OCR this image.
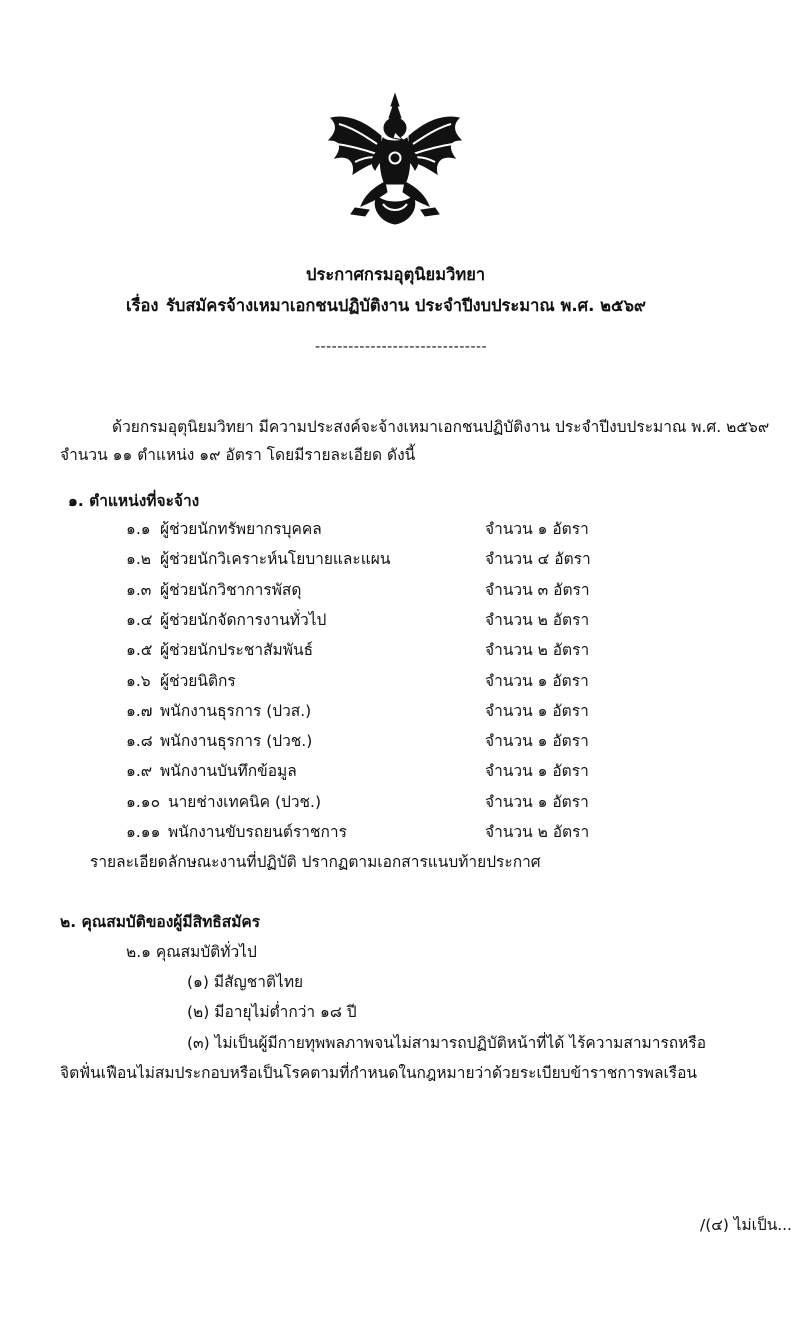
ประกาศกรมอุตุนิยมวิทยา
เรื่อง รับสมัครจ้างเหมาเอกชนปฏิบัติงาน ประจำปีงบประมาณ พ.ศ. ๒๕๖๙
-------------------------------
ด้วยกรมอุตุนิยมวิทยา มีความประสงค์จะจ้างเหมาเอกชนปฏิบัติงาน ประจำปีงบประมาณ พ.ศ. ๒๕๖๙
จำนวน ๑๑ ตำแหน่ง ๑๙ อัตรา โดยมีรายละเอียด ดังนี้
๑. ตำแหน่งที่จะจ้าง
๑.๑ ผู้ช่วยนักทรัพยากรบุคคล	จำนวน ๑ อัตรา
๑.๒ ผู้ช่วยนักวิเคราะห์นโยบายและแผน	จำนวน ๔ อัตรา
๑.๓ ผู้ช่วยนักวิชาการพัสดุ	จำนวน ๓ อัตรา
๑.๔ ผู้ช่วยนักจัดการงานทั่วไป	จำนวน ๒ อัตรา
๑.๕ ผู้ช่วยนักประชาสัมพันธ์	จำนวน ๒ อัตรา
๑.๖ ผู้ช่วยนิติกร	จำนวน ๑ อัตรา
๑.๗ พนักงานธุรการ (ปวส.)	จำนวน ๑ อัตรา
๑.๘ พนักงานธุรการ (ปวช.)	จำนวน ๑ อัตรา
๑.๙ พนักงานบันทึกข้อมูล	จำนวน ๑ อัตรา
๑.๑๐ นายช่างเทคนิค (ปวช.)	จำนวน ๑ อัตรา
๑.๑๑ พนักงานขับรถยนต์ราชการ	จำนวน ๒ อัตรา
รายละเอียดลักษณะงานที่ปฏิบัติ ปรากฏตามเอกสารแนบท้ายประกาศ
๒. คุณสมบัติของผู้มีสิทธิสมัคร
๒.๑ คุณสมบัติทั่วไป
(๑) มีสัญชาติไทย
(๒) มีอายุไม่ต่ำกว่า ๑๘ ปี
(๓) ไม่เป็นผู้มีกายทุพพลภาพจนไม่สามารถปฏิบัติหน้าที่ได้ ไร้ความสามารถหรือ
จิตฟั่นเฟือนไม่สมประกอบหรือเป็นโรคตามที่กำหนดในกฎหมายว่าด้วยระเบียบข้าราชการพลเรือน
/(๔) ไม่เป็น...
